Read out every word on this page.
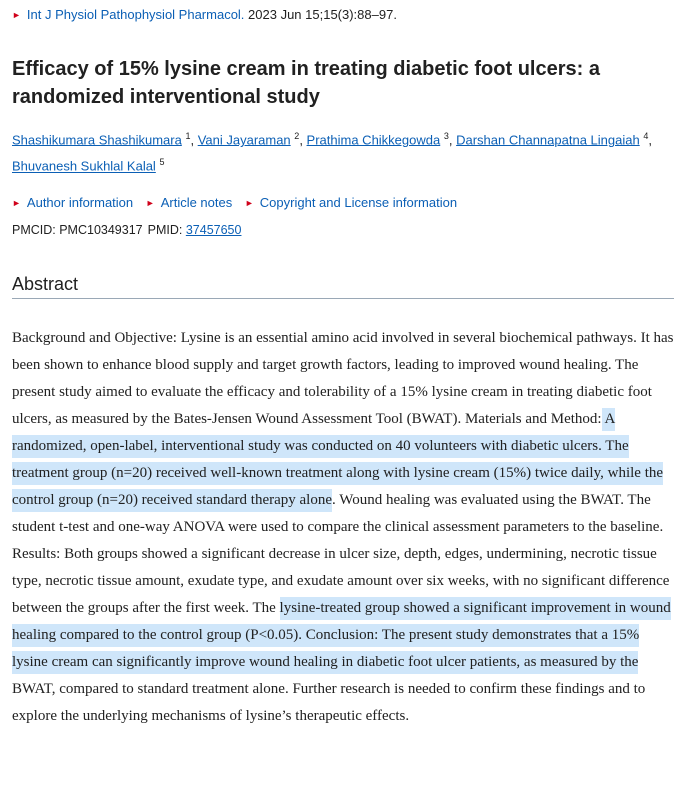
► Int J Physiol Pathophysiol Pharmacol. 2023 Jun 15;15(3):88–97.
Efficacy of 15% lysine cream in treating diabetic foot ulcers: a randomized interventional study
Shashikumara Shashikumara $^1$, Vani Jayaraman $^2$, Prathima Chikkegowda $^3$, Darshan Channapatna Lingaiah $^4$,
Bhuvanesh Sukhlal Kalal $^5$
► Author information ► Article notes ► Copyright and License information
PMCID: PMC10349317 PMID: 37457650
Abstract

Background and Objective: Lysine is an essential amino acid involved in several biochemical pathways. It has been shown to enhance blood supply and target growth factors, leading to improved wound healing. The present study aimed to evaluate the efficacy and tolerability of a 15% lysine cream in treating diabetic foot ulcers, as measured by the Bates-Jensen Wound Assessment Tool (BWAT). Materials and Method: A randomized, open-label, interventional study was conducted on 40 volunteers with diabetic ulcers. The treatment group (n=20) received well-known treatment along with lysine cream (15%) twice daily, while the control group (n=20) received standard therapy alone. Wound healing was evaluated using the BWAT. The student t-test and one-way ANOVA were used to compare the clinical assessment parameters to the baseline. Results: Both groups showed a significant decrease in ulcer size, depth, edges, undermining, necrotic tissue type, necrotic tissue amount, exudate type, and exudate amount over six weeks, with no significant difference between the groups after the first week. The lysine-treated group showed a significant improvement in wound healing compared to the control group (P<0.05). Conclusion: The present study demonstrates that a 15% lysine cream can significantly improve wound healing in diabetic foot ulcer patients, as measured by the BWAT, compared to standard treatment alone. Further research is needed to confirm these findings and to explore the underlying mechanisms of lysine’s therapeutic effects.
